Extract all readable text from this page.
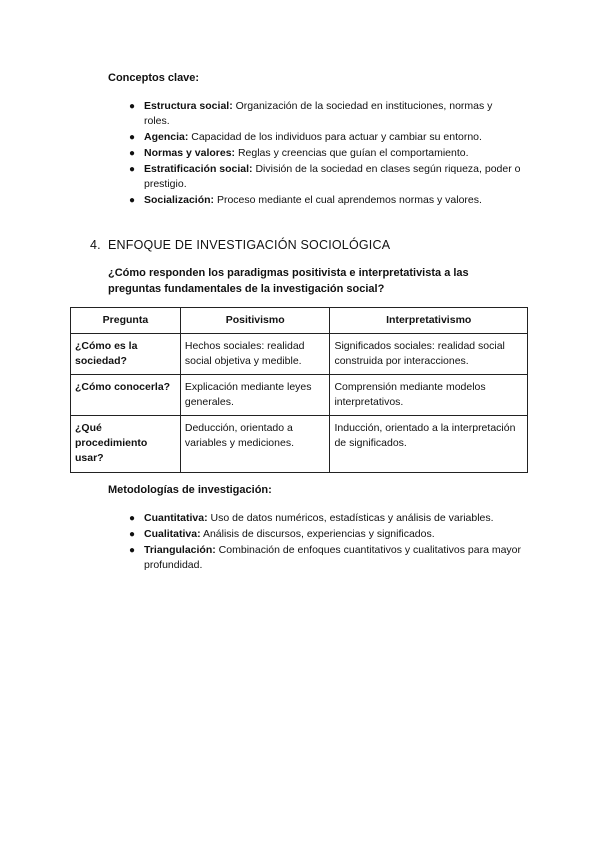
Conceptos clave:
● Estructura social: Organización de la sociedad en instituciones, normas y roles.
● Agencia: Capacidad de los individuos para actuar y cambiar su entorno.
● Normas y valores: Reglas y creencias que guían el comportamiento.
● Estratificación social: División de la sociedad en clases según riqueza, poder o prestigio.
● Socialización: Proceso mediante el cual aprendemos normas y valores.
4. ENFOQUE DE INVESTIGACIÓN SOCIOLÓGICA
¿Cómo responden los paradigmas positivista e interpretativista a las preguntas fundamentales de la investigación social?
Pregunta	Positivismo	Interpretativismo
¿Cómo es la sociedad?	Hechos sociales: realidad social objetiva y medible.	Significados sociales: realidad social construida por interacciones.
¿Cómo conocerla?	Explicación mediante leyes generales.	Comprensión mediante modelos interpretativos.
¿Qué procedimiento usar?	Deducción, orientado a variables y mediciones.	Inducción, orientado a la interpretación de significados.
Metodologías de investigación:
● Cuantitativa: Uso de datos numéricos, estadísticas y análisis de variables.
● Cualitativa: Análisis de discursos, experiencias y significados.
● Triangulación: Combinación de enfoques cuantitativos y cualitativos para mayor profundidad.
